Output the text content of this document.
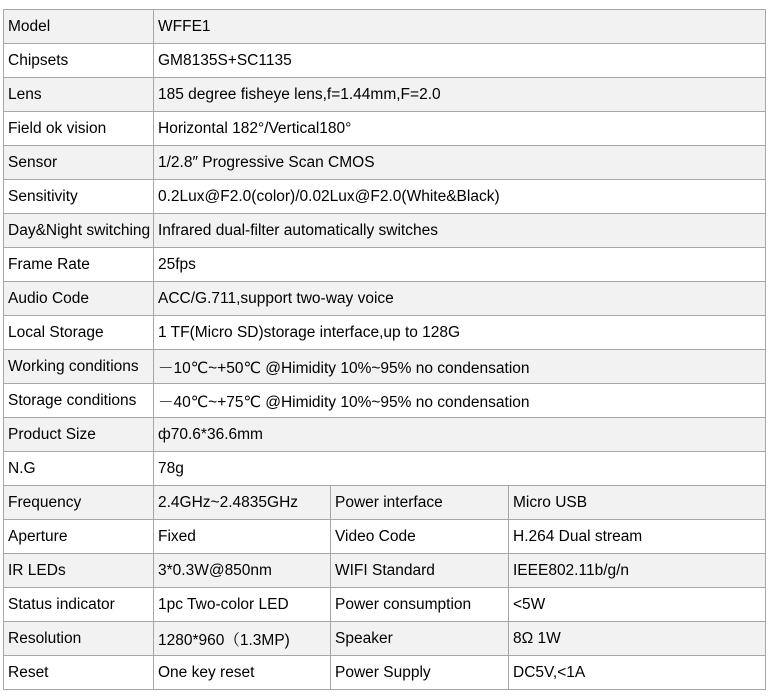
Model	WFFE1		
Chipsets	GM8135S+SC1135		
Lens	185 degree fisheye lens,f=1.44mm,F=2.0		
Field ok vision	Horizontal 182°/Vertical180°		
Sensor	1/2.8″ Progressive Scan CMOS		
Sensitivity	0.2Lux@F2.0(color)/0.02Lux@F2.0(White&Black)		
Day&Night switching	Infrared dual-filter automatically switches		
Frame Rate	25fps		
Audio Code	ACC/G.711,support two-way voice		
Local Storage	1 TF(Micro SD)storage interface,up to 128G		
Working conditions	－10℃~+50℃ @Himidity 10%~95% no condensation		
Storage conditions	－40℃~+75℃ @Himidity 10%~95% no condensation		
Product Size	ф70.6*36.6mm		
N.G	78g		
Frequency	2.4GHz~2.4835GHz	Power interface	Micro USB
Aperture	Fixed	Video Code	H.264 Dual stream
IR LEDs	3*0.3W@850nm	WIFI Standard	IEEE802.11b/g/n
Status indicator	1pc Two-color LED	Power consumption	<5W
Resolution	1280*960（1.3MP)	Speaker	8Ω 1W
Reset	One key reset	Power Supply	DC5V,<1A
